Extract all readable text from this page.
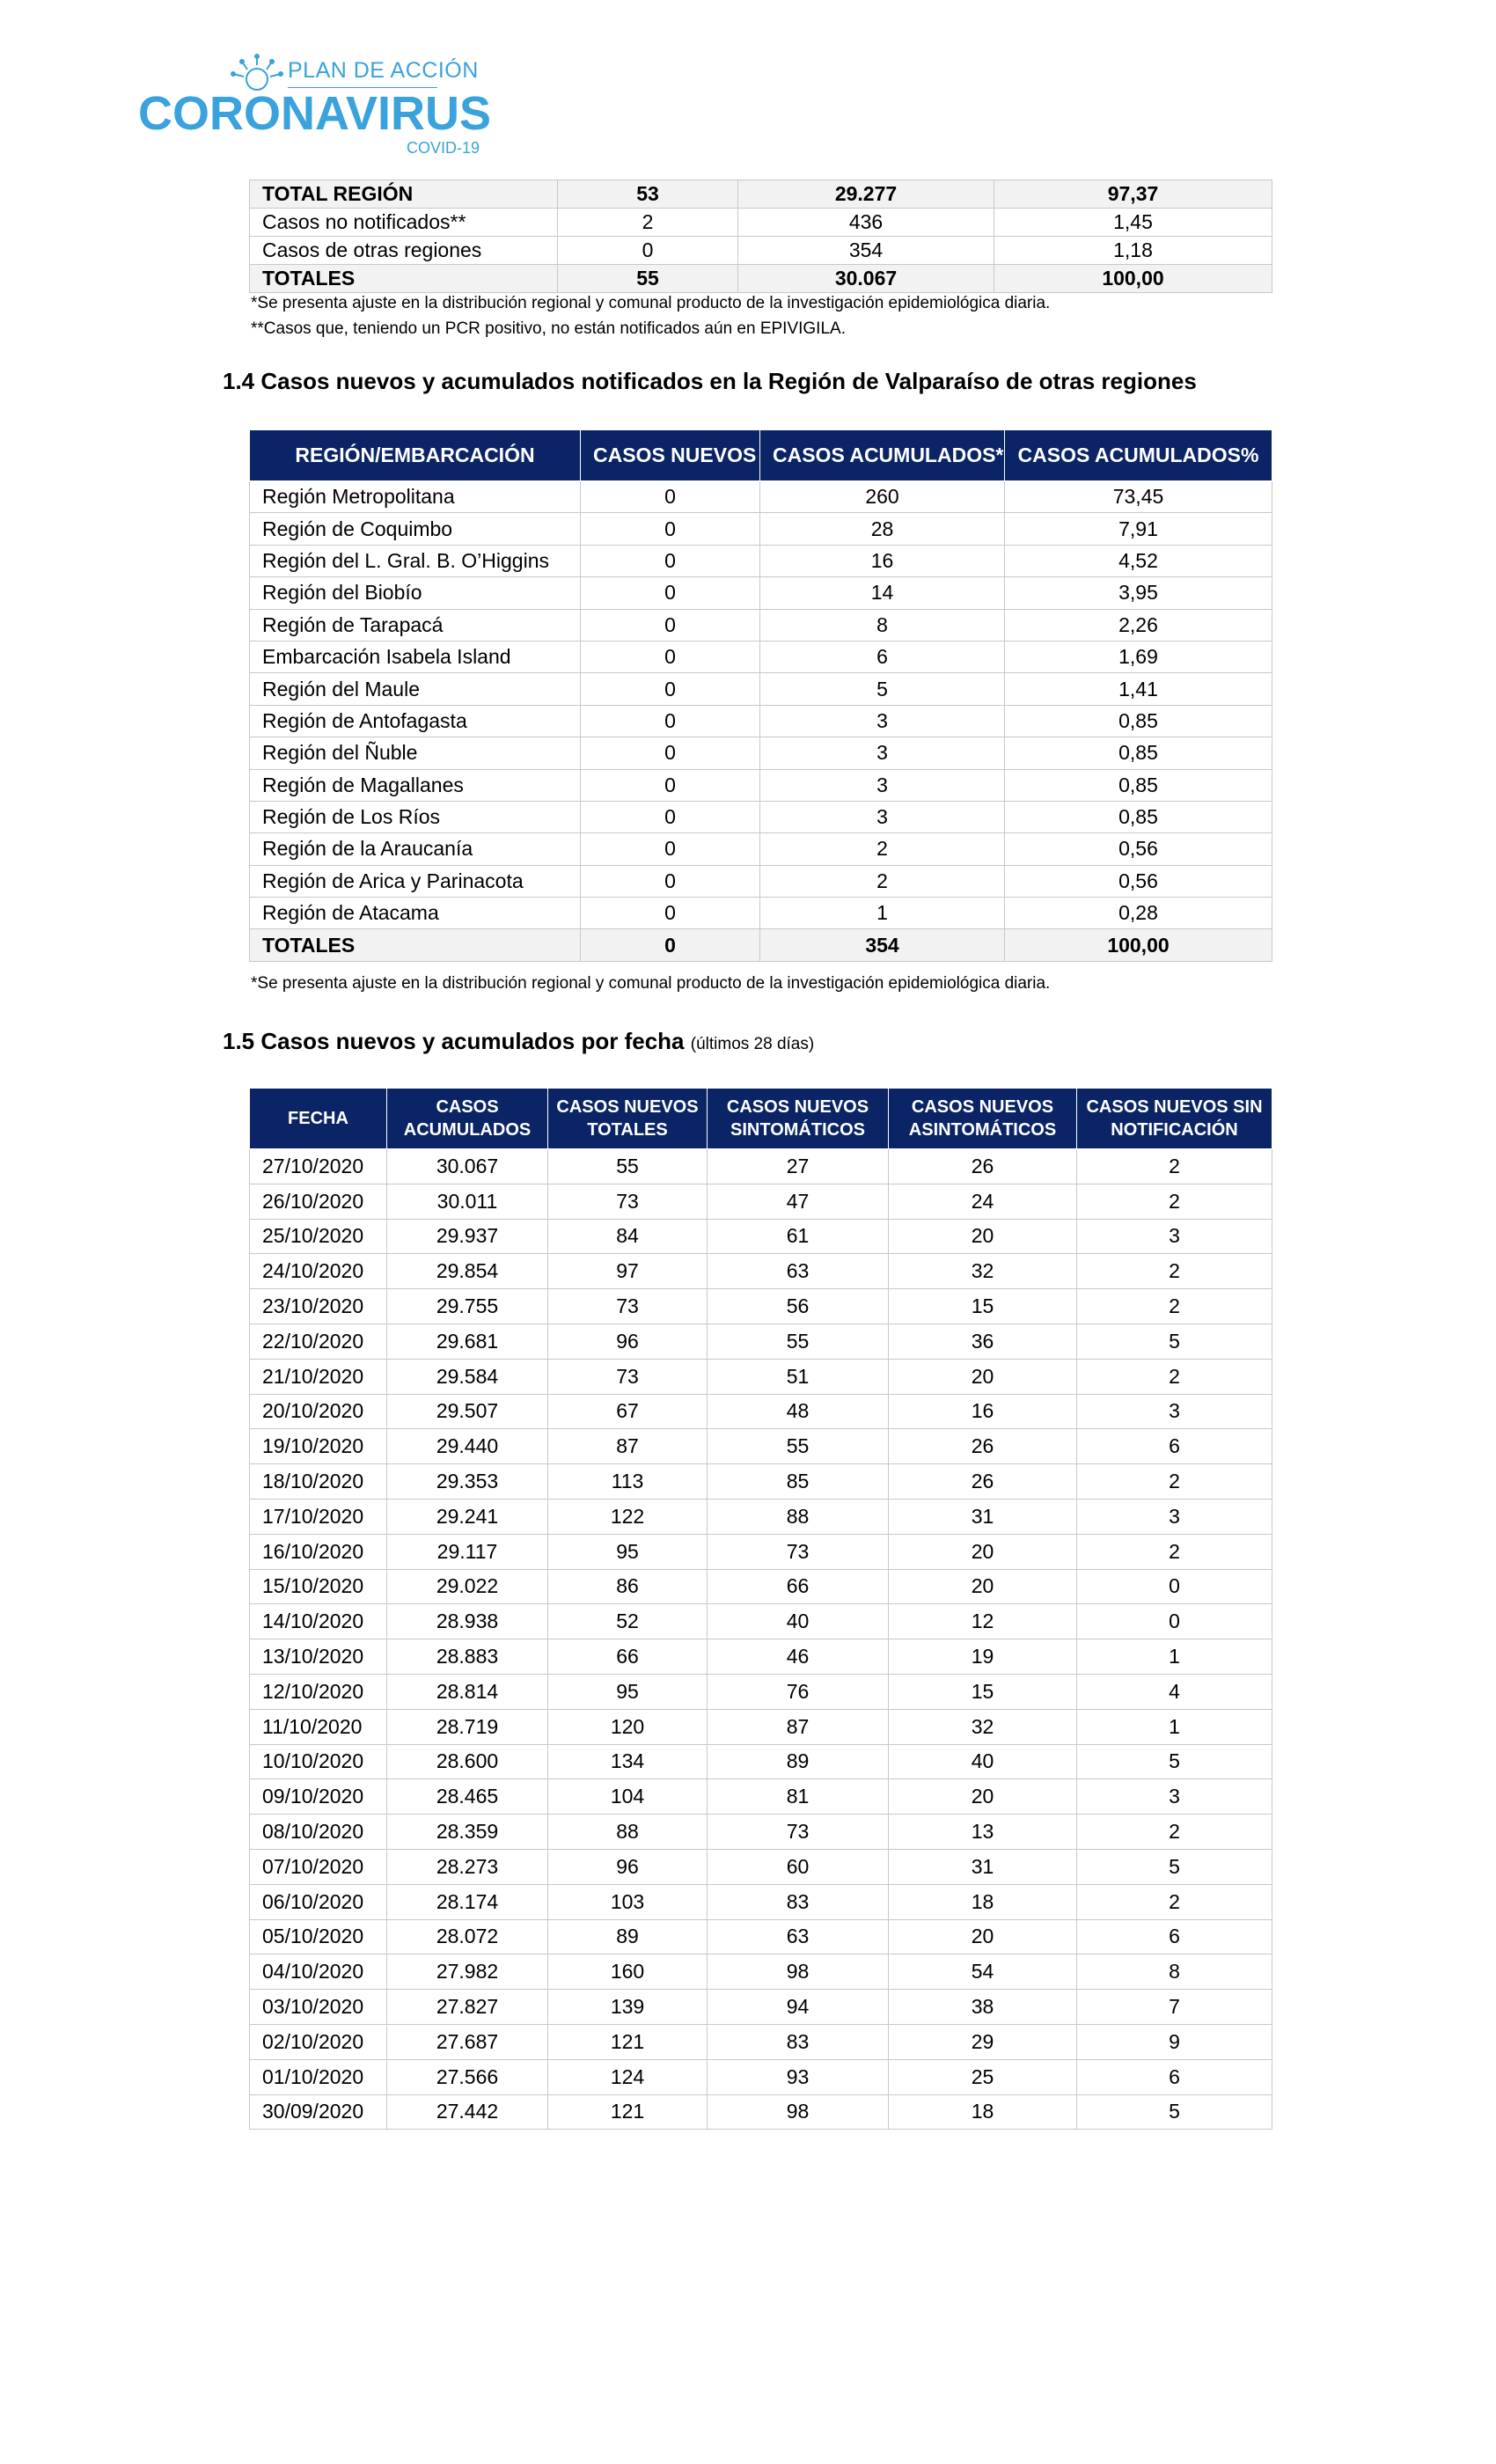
PLAN DE ACCIÓN
CORONAVIRUS
COVID-19
TOTAL REGIÓN	53	29.277	97,37
Casos no notificados**	2	436	1,45
Casos de otras regiones	0	354	1,18
TOTALES	55	30.067	100,00
*Se presenta ajuste en la distribución regional y comunal producto de la investigación epidemiológica diaria.
**Casos que, teniendo un PCR positivo, no están notificados aún en EPIVIGILA.
1.4 Casos nuevos y acumulados notificados en la Región de Valparaíso de otras regiones
REGIÓN/EMBARCACIÓN	CASOS NUEVOS	CASOS ACUMULADOS*	CASOS ACUMULADOS%
Región Metropolitana	0	260	73,45
Región de Coquimbo	0	28	7,91
Región del L. Gral. B. O’Higgins	0	16	4,52
Región del Biobío	0	14	3,95
Región de Tarapacá	0	8	2,26
Embarcación Isabela Island	0	6	1,69
Región del Maule	0	5	1,41
Región de Antofagasta	0	3	0,85
Región del Ñuble	0	3	0,85
Región de Magallanes	0	3	0,85
Región de Los Ríos	0	3	0,85
Región de la Araucanía	0	2	0,56
Región de Arica y Parinacota	0	2	0,56
Región de Atacama	0	1	0,28
TOTALES	0	354	100,00
*Se presenta ajuste en la distribución regional y comunal producto de la investigación epidemiológica diaria.
1.5 Casos nuevos y acumulados por fecha (últimos 28 días)
FECHA	CASOS ACUMULADOS	CASOS NUEVOS TOTALES	CASOS NUEVOS SINTOMÁTICOS	CASOS NUEVOS ASINTOMÁTICOS	CASOS NUEVOS SIN NOTIFICACIÓN
27/10/2020	30.067	55	27	26	2
26/10/2020	30.011	73	47	24	2
25/10/2020	29.937	84	61	20	3
24/10/2020	29.854	97	63	32	2
23/10/2020	29.755	73	56	15	2
22/10/2020	29.681	96	55	36	5
21/10/2020	29.584	73	51	20	2
20/10/2020	29.507	67	48	16	3
19/10/2020	29.440	87	55	26	6
18/10/2020	29.353	113	85	26	2
17/10/2020	29.241	122	88	31	3
16/10/2020	29.117	95	73	20	2
15/10/2020	29.022	86	66	20	0
14/10/2020	28.938	52	40	12	0
13/10/2020	28.883	66	46	19	1
12/10/2020	28.814	95	76	15	4
11/10/2020	28.719	120	87	32	1
10/10/2020	28.600	134	89	40	5
09/10/2020	28.465	104	81	20	3
08/10/2020	28.359	88	73	13	2
07/10/2020	28.273	96	60	31	5
06/10/2020	28.174	103	83	18	2
05/10/2020	28.072	89	63	20	6
04/10/2020	27.982	160	98	54	8
03/10/2020	27.827	139	94	38	7
02/10/2020	27.687	121	83	29	9
01/10/2020	27.566	124	93	25	6
30/09/2020	27.442	121	98	18	5
